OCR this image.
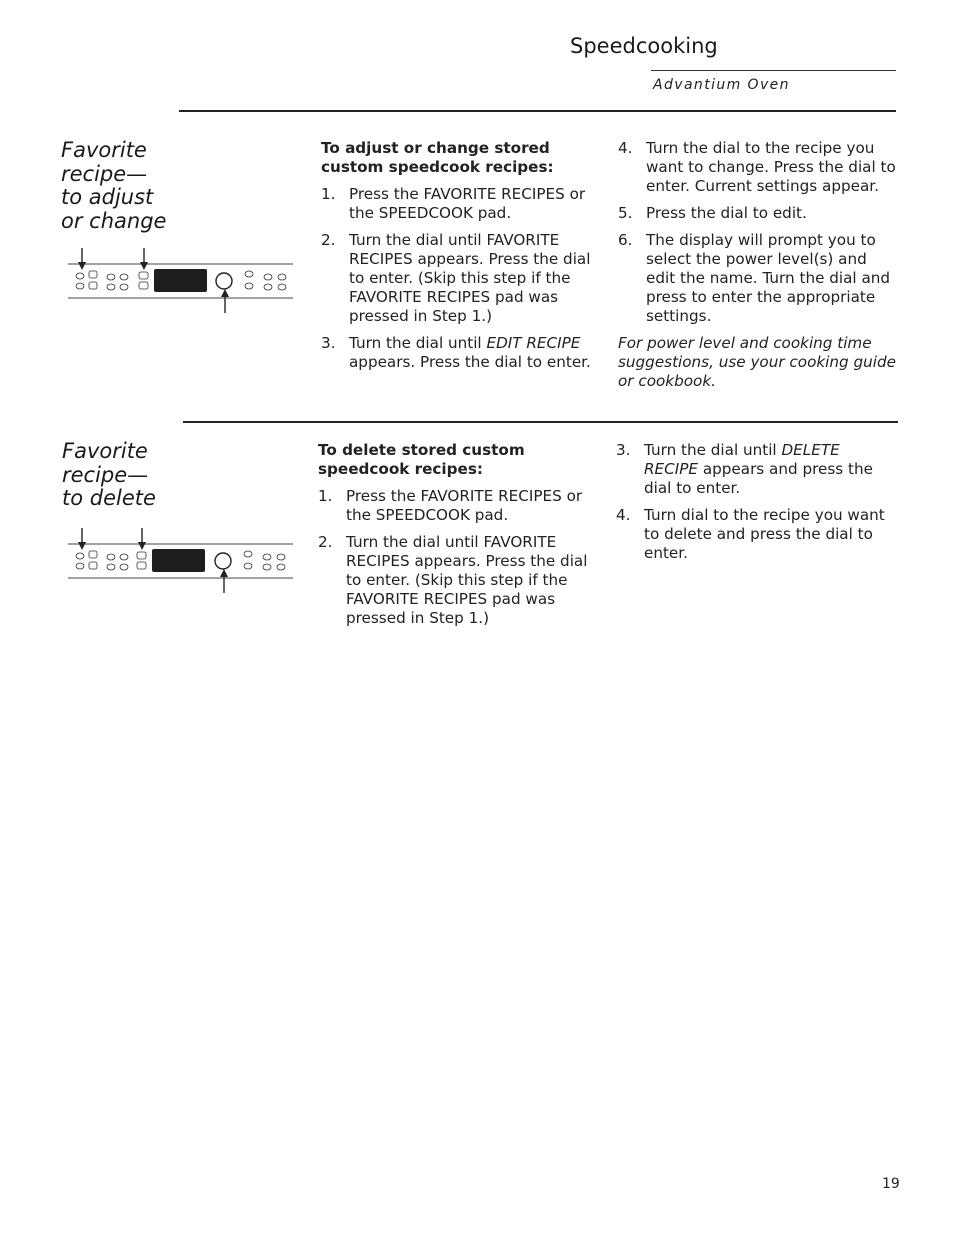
Speedcooking
Advantium Oven
Favorite
recipe—
to adjust
or change
To adjust or change stored custom speedcook recipes:
1. Press the FAVORITE RECIPES or the SPEEDCOOK pad.
2. Turn the dial until FAVORITE RECIPES appears. Press the dial to enter. (Skip this step if the FAVORITE RECIPES pad was pressed in Step 1.)
3. Turn the dial until EDIT RECIPE appears. Press the dial to enter.
4. Turn the dial to the recipe you want to change. Press the dial to enter. Current settings appear.
5. Press the dial to edit.
6. The display will prompt you to select the power level(s) and edit the name. Turn the dial and press to enter the appropriate settings.
For power level and cooking time suggestions, use your cooking guide or cookbook.
Favorite
recipe—
to delete
To delete stored custom speedcook recipes:
1. Press the FAVORITE RECIPES or the SPEEDCOOK pad.
2. Turn the dial until FAVORITE RECIPES appears. Press the dial to enter. (Skip this step if the FAVORITE RECIPES pad was pressed in Step 1.)
3. Turn the dial until DELETE RECIPE appears and press the dial to enter.
4. Turn dial to the recipe you want to delete and press the dial to enter.
19
